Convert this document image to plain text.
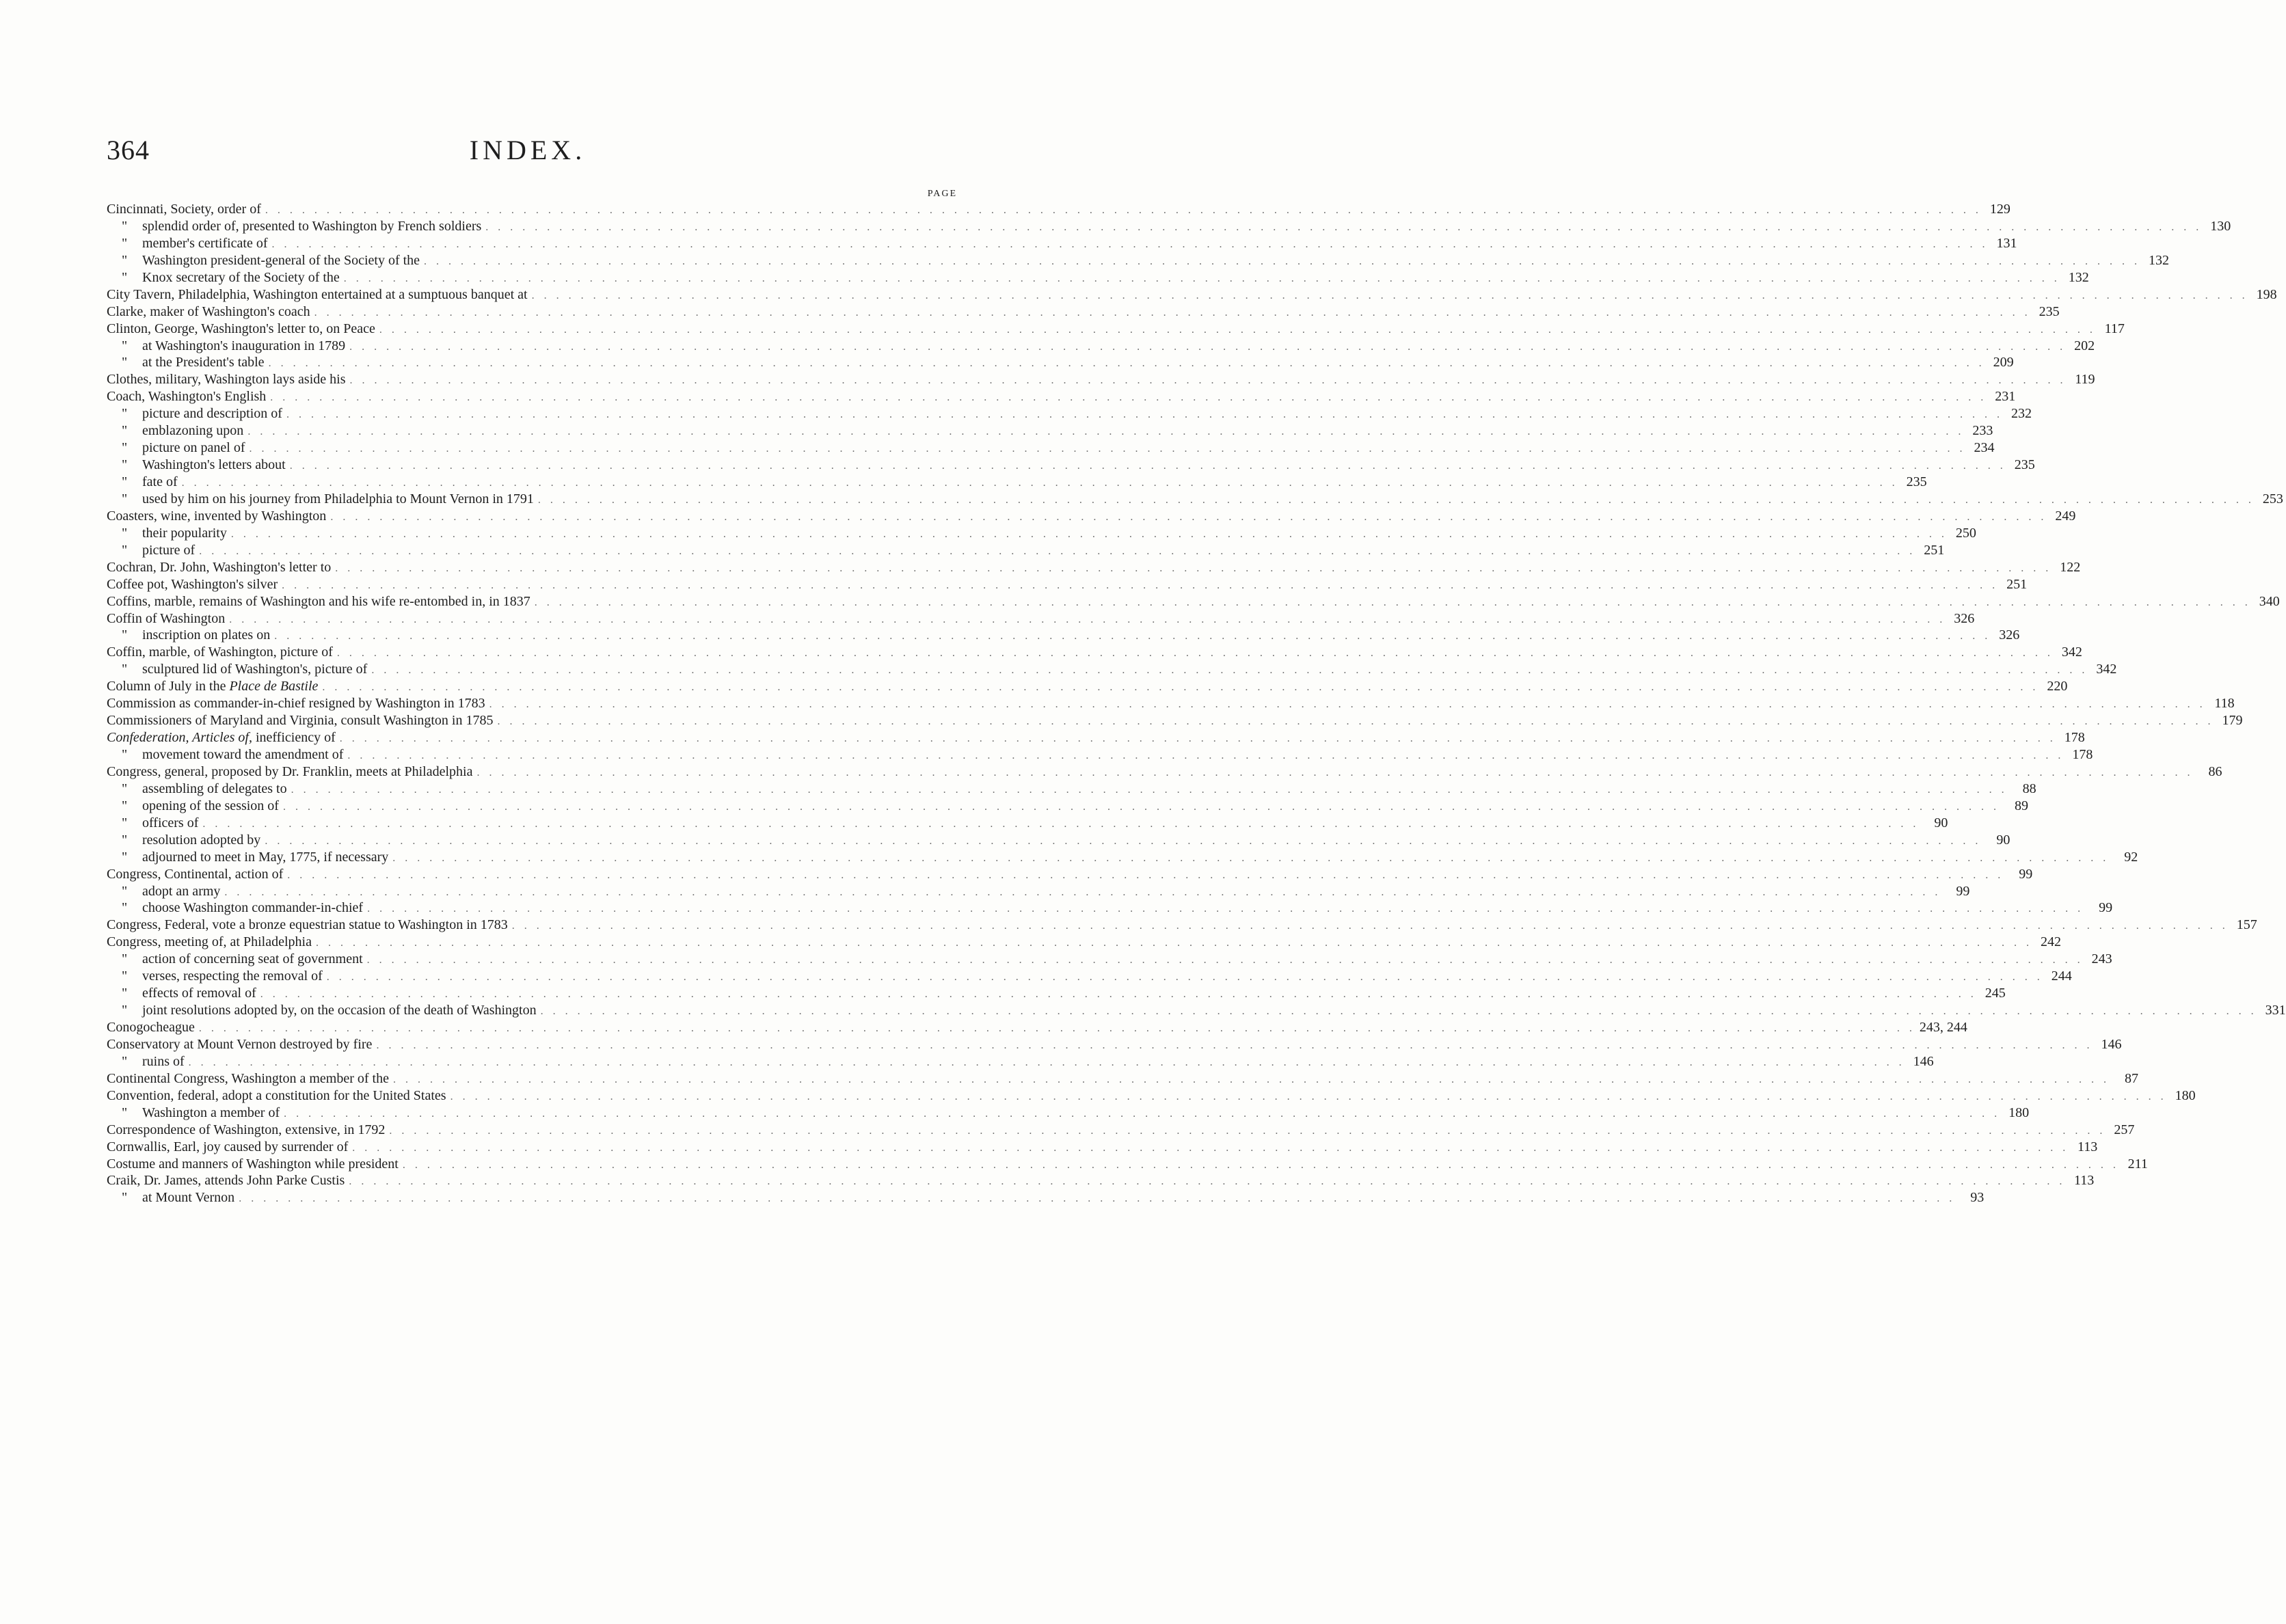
364	INDEX.
PAGE
Cincinnati, Society, order of . . .	129
" splendid order of, presented to Washington by French soldiers . . .	130
" member's certificate of . . .	131
" Washington president-general of the Society of the . . .	132
" Knox secretary of the Society of the . . .	132
City Tavern, Philadelphia, Washington entertained at a sumptuous banquet at . . .	198
Clarke, maker of Washington's coach . . .	235
Clinton, George, Washington's letter to, on Peace . . .	117
" at Washington's inauguration in 1789 . . .	202
" at the President's table . . .	209
Clothes, military, Washington lays aside his . . .	119
Coach, Washington's English . . .	231
" picture and description of . . .	232
" emblazoning upon . . .	233
" picture on panel of . . .	234
" Washington's letters about . . .	235
" fate of . . .	235
" used by him on his journey from Philadelphia to Mount Vernon in 1791 . . .	253
Coasters, wine, invented by Washington . . .	249
" their popularity . . .	250
" picture of . . .	251
Cochran, Dr. John, Washington's letter to . . .	122
Coffee pot, Washington's silver . . .	251
Coffins, marble, remains of Washington and his wife re-entombed in, in 1837 . . .	340
Coffin of Washington . . .	326
" inscription on plates on . . .	326
Coffin, marble, of Washington, picture of . . .	342
" sculptured lid of Washington's, picture of . . .	342
Column of July in the Place de Bastile . . .	220
Commission as commander-in-chief resigned by Washington in 1783 . . .	118
Commissioners of Maryland and Virginia, consult Washington in 1785 . . .	179
Confederation, Articles of, inefficiency of . . .	178
" movement toward the amendment of . . .	178
Congress, general, proposed by Dr. Franklin, meets at Philadelphia . . .	86
" assembling of delegates to . . .	88
" opening of the session of . . .	89
" officers of . . .	90
" resolution adopted by . . .	90
" adjourned to meet in May, 1775, if necessary . . .	92
Congress, Continental, action of . . .	99
" adopt an army . . .	99
" choose Washington commander-in-chief . . .	99
Congress, Federal, vote a bronze equestrian statue to Washington in 1783 . . .	157
Congress, meeting of, at Philadelphia . . .	242
" action of concerning seat of government . . .	243
" verses, respecting the removal of . . .	244
" effects of removal of . . .	245
" joint resolutions adopted by, on the occasion of the death of Washington . . .	331
Conogocheague . . .	243, 244
Conservatory at Mount Vernon destroyed by fire . . .	146
" ruins of . . .	146
Continental Congress, Washington a member of the . . .	87
Convention, federal, adopt a constitution for the United States . . .	180
" Washington a member of . . .	180
Correspondence of Washington, extensive, in 1792 . . .	257
Cornwallis, Earl, joy caused by surrender of . . .	113
Costume and manners of Washington while president . . .	211
Craik, Dr. James, attends John Parke Custis . . .	113
" at Mount Vernon . . .	93
